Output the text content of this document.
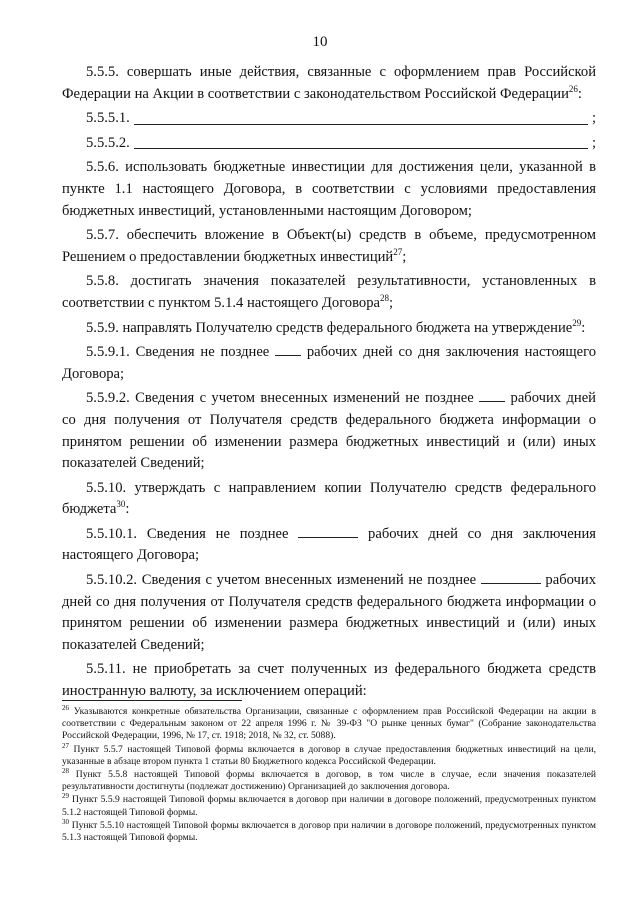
10

5.5.5. совершать иные действия, связанные с оформлением прав Российской Федерации на Акции в соответствии с законодательством Российской Федерации$^{26}$:

5.5.5.1.	;
5.5.5.2.	;

5.5.6. использовать бюджетные инвестиции для достижения цели, указанной в пункте 1.1 настоящего Договора, в соответствии с условиями предоставления бюджетных инвестиций, установленными настоящим Договором;

5.5.7. обеспечить вложение в Объект(ы) средств в объеме, предусмотренном Решением о предоставлении бюджетных инвестиций$^{27}$;

5.5.8. достигать значения показателей результативности, установленных в соответствии с пунктом 5.1.4 настоящего Договора$^{28}$;

5.5.9. направлять Получателю средств федерального бюджета на утверждение$^{29}$:

5.5.9.1. Сведения не позднее	рабочих дней со дня заключения настоящего Договора;

5.5.9.2. Сведения с учетом внесенных изменений не позднее	рабочих дней со дня получения от Получателя средств федерального бюджета информации о принятом решении об изменении размера бюджетных инвестиций и (или) иных показателей Сведений;

5.5.10. утверждать с направлением копии Получателю средств федерального бюджета$^{30}$:

5.5.10.1. Сведения не позднее	рабочих дней со дня заключения настоящего Договора;

5.5.10.2. Сведения с учетом внесенных изменений не позднее	рабочих дней со дня получения от Получателя средств федерального бюджета информации о принятом решении об изменении размера бюджетных инвестиций и (или) иных показателей Сведений;

5.5.11. не приобретать за счет полученных из федерального бюджета средств иностранную валюту, за исключением операций:

$^{26}$ Указываются конкретные обязательства Организации, связанные с оформлением прав Российской Федерации на акции в соответствии с Федеральным законом от 22 апреля 1996 г. № 39-ФЗ "О рынке ценных бумаг" (Собрание законодательства Российской Федерации, 1996, № 17, ст. 1918; 2018, № 32, ст. 5088).

$^{27}$ Пункт 5.5.7 настоящей Типовой формы включается в договор в случае предоставления бюджетных инвестиций на цели, указанные в абзаце втором пункта 1 статьи 80 Бюджетного кодекса Российской Федерации.

$^{28}$ Пункт 5.5.8 настоящей Типовой формы включается в договор, в том числе в случае, если значения показателей результативности достигнуты (подлежат достижению) Организацией до заключения договора.

$^{29}$ Пункт 5.5.9 настоящей Типовой формы включается в договор при наличии в договоре положений, предусмотренных пунктом 5.1.2 настоящей Типовой формы.

$^{30}$ Пункт 5.5.10 настоящей Типовой формы включается в договор при наличии в договоре положений, предусмотренных пунктом 5.1.3 настоящей Типовой формы.
